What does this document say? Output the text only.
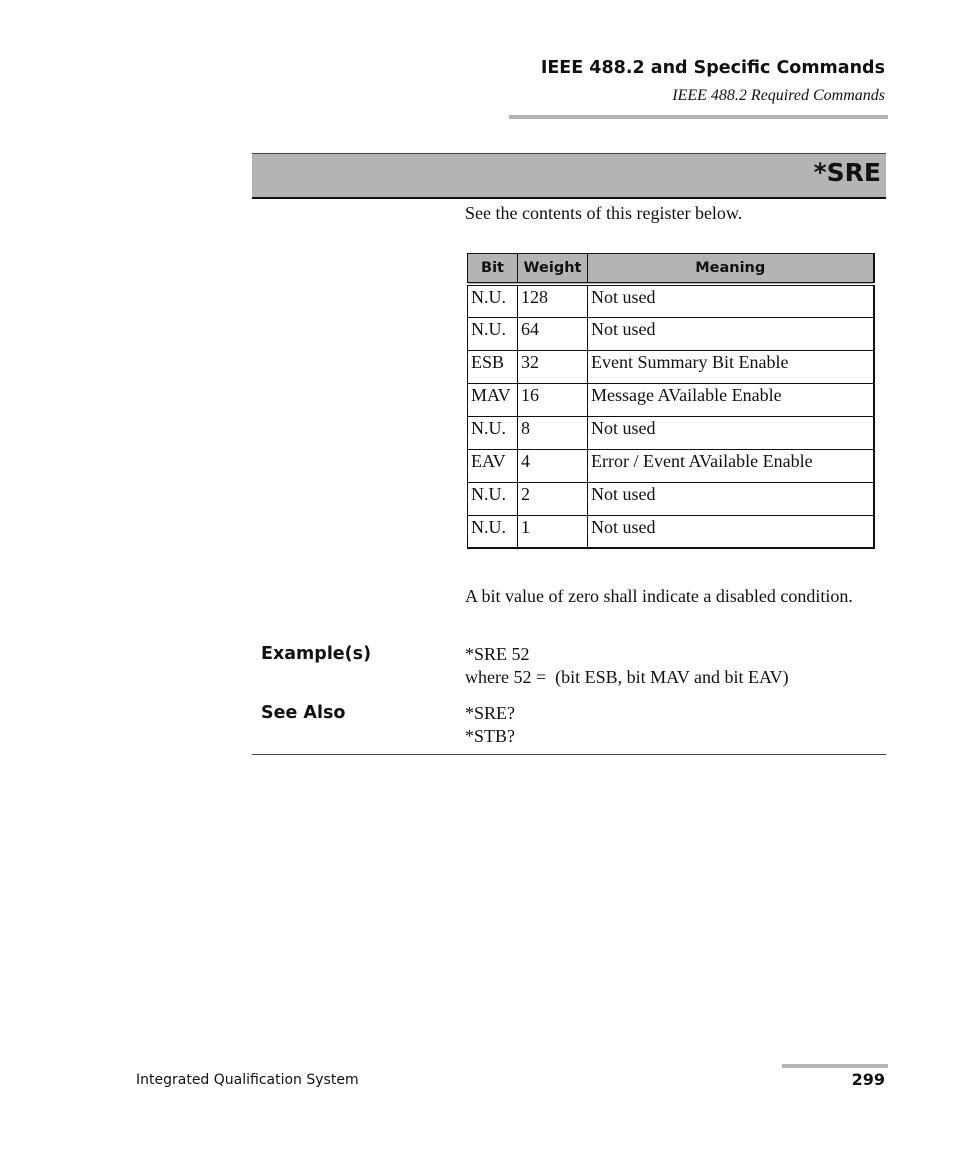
IEEE 488.2 and Specific Commands
IEEE 488.2 Required Commands
*SRE
See the contents of this register below.
Bit	Weight	Meaning
N.U.	128	Not used
N.U.	64	Not used
ESB	32	Event Summary Bit Enable
MAV	16	Message AVailable Enable
N.U.	8	Not used
EAV	4	Error / Event AVailable Enable
N.U.	2	Not used
N.U.	1	Not used
A bit value of zero shall indicate a disabled condition.
Example(s)	*SRE 52
where 52 =  (bit ESB, bit MAV and bit EAV)
See Also	*SRE?
*STB?
Integrated Qualification System	299
